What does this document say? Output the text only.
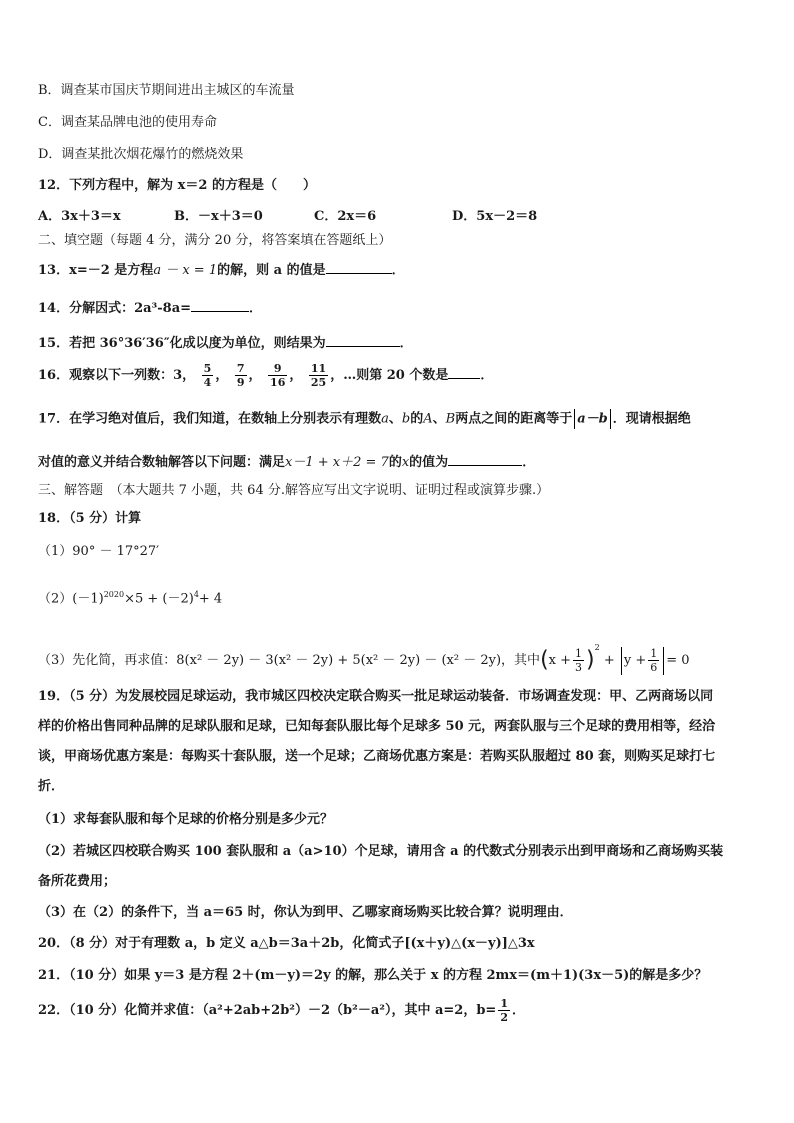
B．调查某市国庆节期间进出主城区的车流量
C．调查某品牌电池的使用寿命
D．调查某批次烟花爆竹的燃烧效果
12．下列方程中，解为 x＝2 的方程是（　　）
A．3x＋3＝x	B．－x＋3＝0	C．2x＝6	D．5x－2＝8
二、填空题（每题 4 分，满分 20 分，将答案填在答题纸上）
13．x=－2 是方程a － x = 1的解，则 a 的值是	．
14．分解因式：2a³-8a=	．
15．若把 36°36′36″化成以度为单位，则结果为	．
16．观察以下一列数：3， $\frac{5}{4}$ ， $\frac{7}{9}$ ， $\frac{9}{16}$ ， $\frac{11}{25}$ ，…则第 20 个数是 ．
17．在学习绝对值后，我们知道，在数轴上分别表示有理数a、b的A、B两点之间的距离等于 a－b ．现请根据绝
对值的意义并结合数轴解答以下问题：满足x－1 + x＋2 = 7的x的值为	．
三、解答题　（本大题共 7 小题，共 64 分.解答应写出文字说明、证明过程或演算步骤.）
18．（5 分）计算
（1）90° － 17°27′
$(2)(-1)^{2020}\times 5 + (-2)^4+ 4$
（3）先化简，再求值：8(x² － 2y) － 3(x² － 2y) + 5(x² － 2y) － (x² － 2y)，其中$(x + \frac{1}{3} )^2 + y + \frac{1}{6} = 0$
19．（5 分）为发展校园足球运动，我市城区四校决定联合购买一批足球运动装备．市场调查发现：甲、乙两商场以同
样的价格出售同种品牌的足球队服和足球，已知每套队服比每个足球多 50 元，两套队服与三个足球的费用相等，经洽
谈，甲商场优惠方案是：每购买十套队服，送一个足球；乙商场优惠方案是：若购买队服超过 80 套，则购买足球打七
折．
（1）求每套队服和每个足球的价格分别是多少元？
（2）若城区四校联合购买 100 套队服和 a（a>10）个足球，请用含 a 的代数式分别表示出到甲商场和乙商场购买装
备所花费用；
（3）在（2）的条件下，当 a＝65 时，你认为到甲、乙哪家商场购买比较合算？说明理由．
20．（8 分）对于有理数 a，b 定义 a△b＝3a＋2b，化简式子[(x＋y)△(x－y)]△3x
21．（10 分）如果 y＝3 是方程 2＋(m－y)＝2y 的解，那么关于 x 的方程 2mx＝(m＋1)(3x－5)的解是多少？
22．（10 分）化简并求值：（a²+2ab+2b²）－2（b²－a²），其中 a=2，$b= \frac{1}{2}$ ．
